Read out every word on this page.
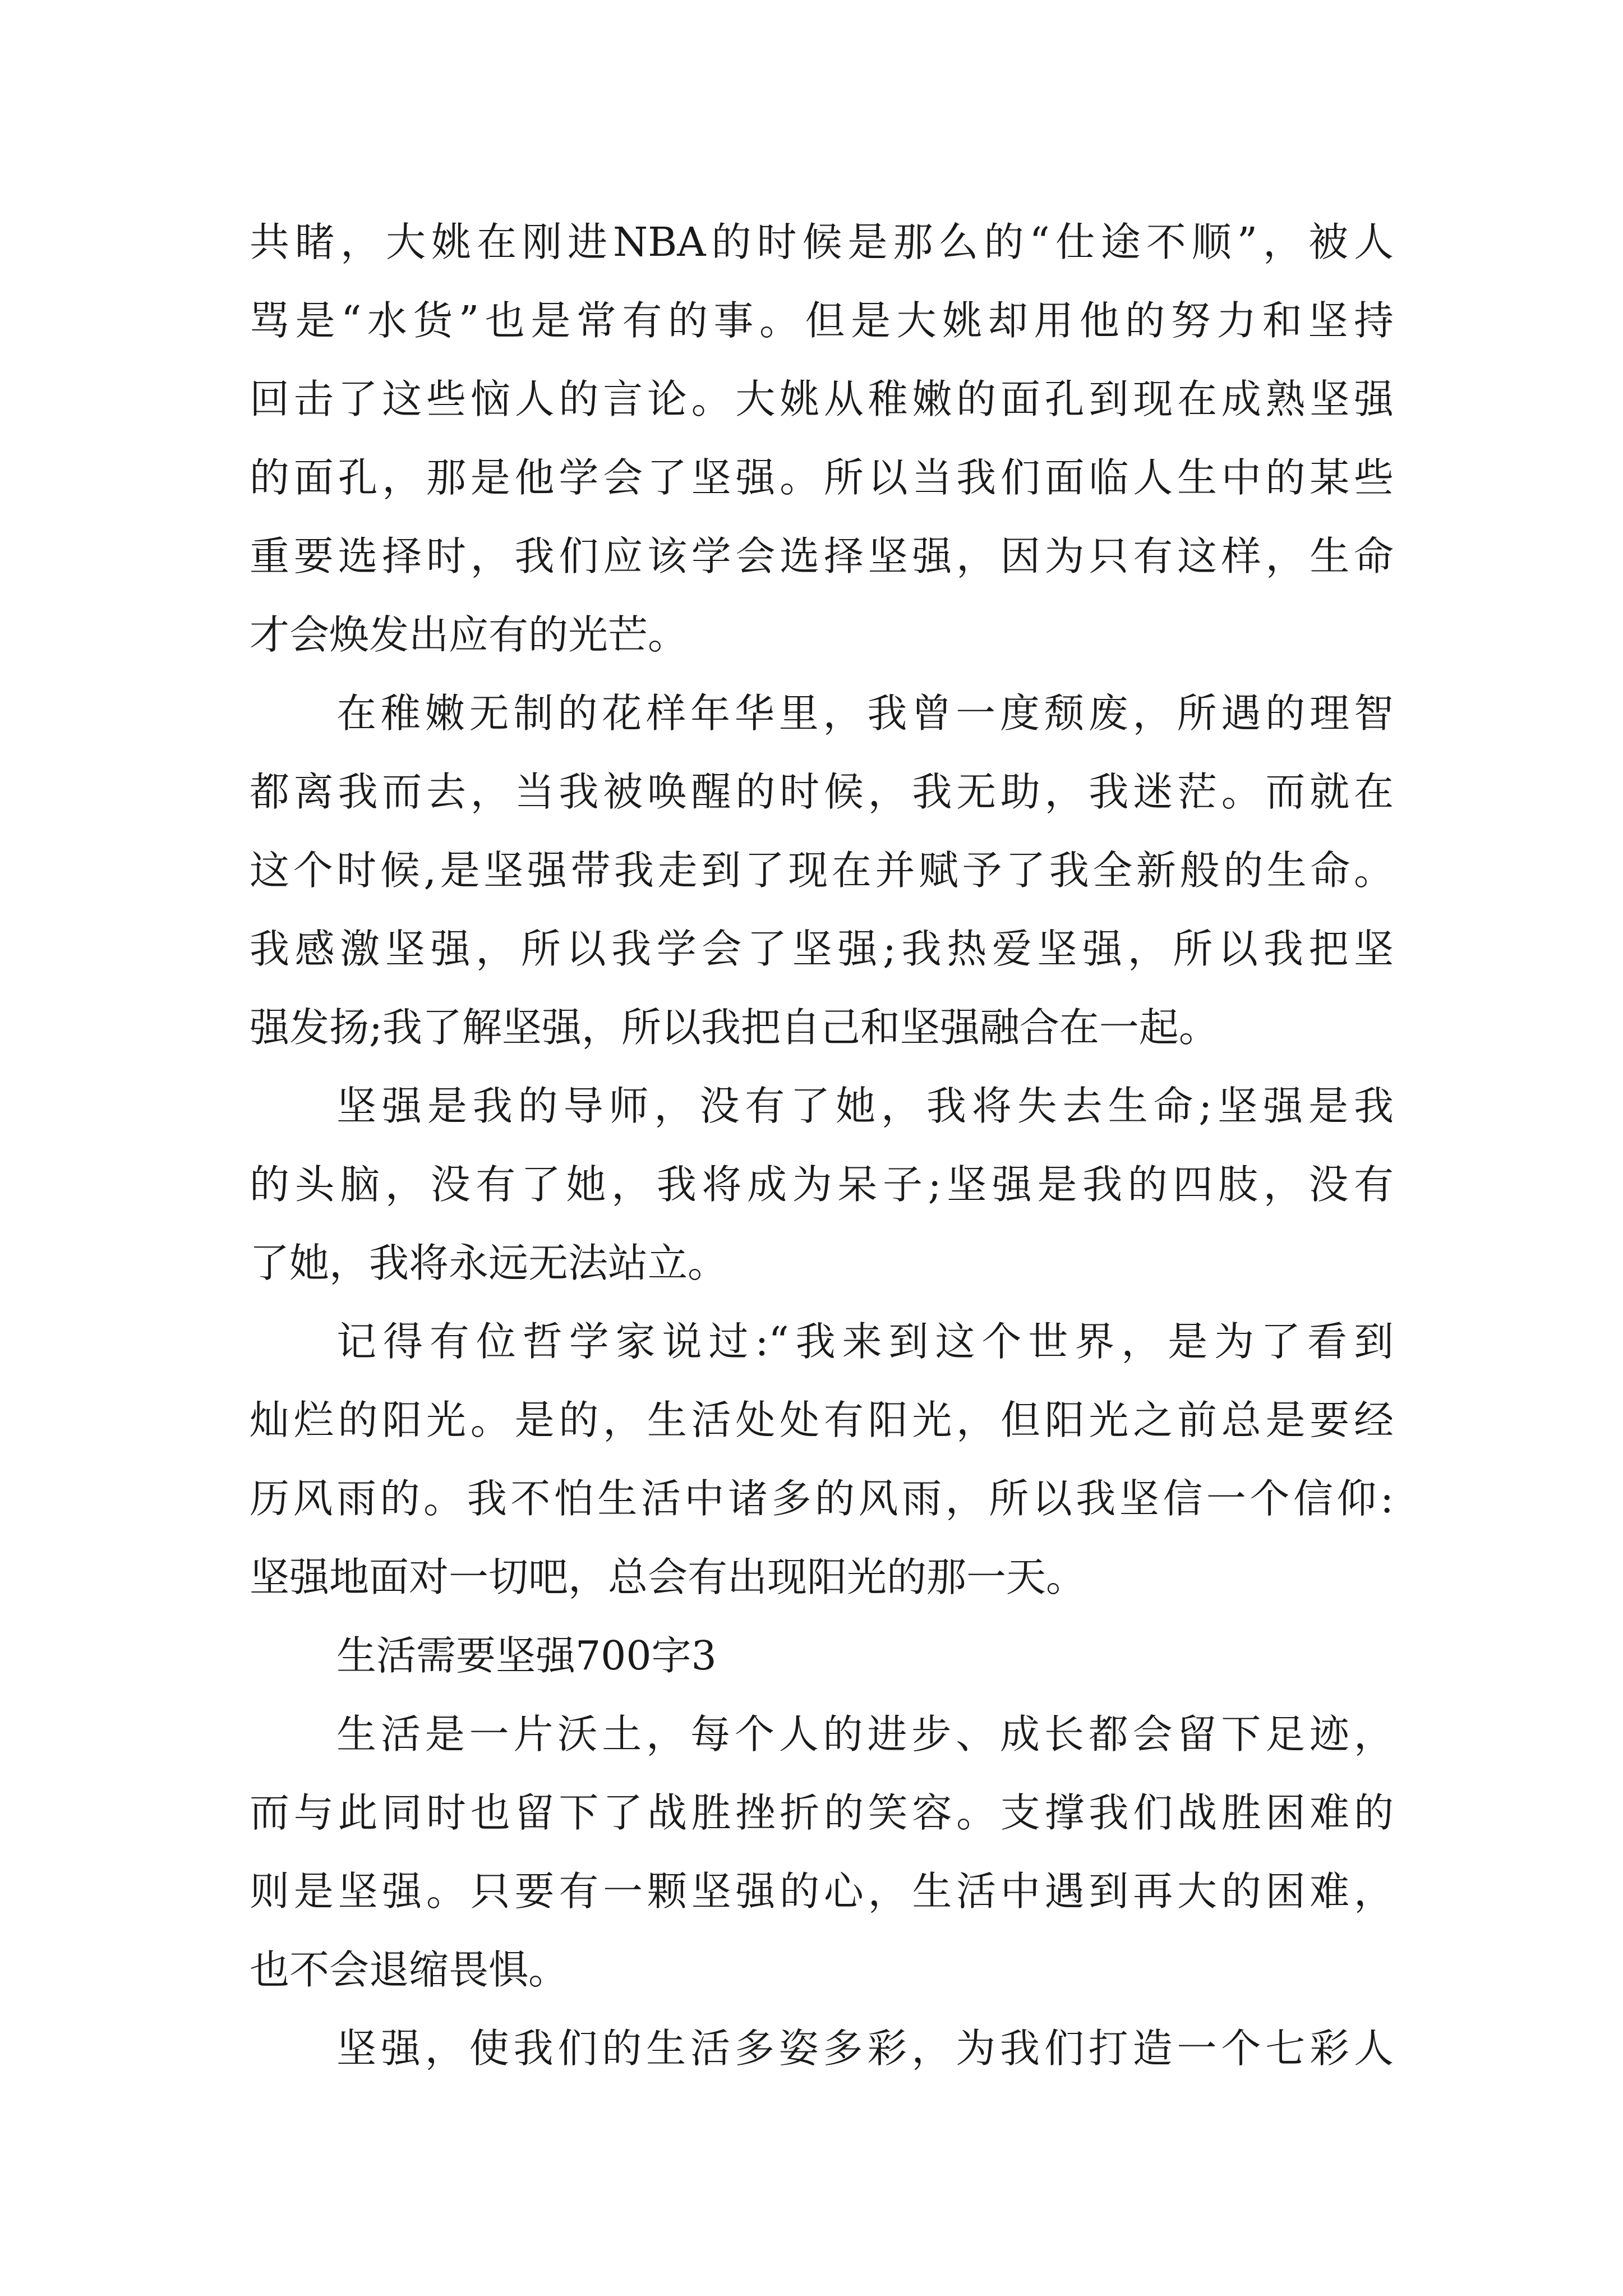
共睹，大姚在刚进NBA的时候是那么的“仕途不顺”，被人
骂是“水货”也是常有的事。但是大姚却用他的努力和坚持
回击了这些恼人的言论。大姚从稚嫩的面孔到现在成熟坚强
的面孔，那是他学会了坚强。所以当我们面临人生中的某些
重要选择时，我们应该学会选择坚强，因为只有这样，生命
才会焕发出应有的光芒。
在稚嫩无制的花样年华里，我曾一度颓废，所遇的理智
都离我而去，当我被唤醒的时候，我无助，我迷茫。而就在
这个时候,是坚强带我走到了现在并赋予了我全新般的生命。
我感激坚强，所以我学会了坚强;我热爱坚强，所以我把坚
强发扬;我了解坚强，所以我把自己和坚强融合在一起。
坚强是我的导师，没有了她，我将失去生命;坚强是我
的头脑，没有了她，我将成为呆子;坚强是我的四肢，没有
了她，我将永远无法站立。
记得有位哲学家说过:“我来到这个世界，是为了看到
灿烂的阳光。是的，生活处处有阳光，但阳光之前总是要经
历风雨的。我不怕生活中诸多的风雨，所以我坚信一个信仰:
坚强地面对一切吧，总会有出现阳光的那一天。
生活需要坚强700字3
生活是一片沃土，每个人的进步、成长都会留下足迹，
而与此同时也留下了战胜挫折的笑容。支撑我们战胜困难的
则是坚强。只要有一颗坚强的心，生活中遇到再大的困难，
也不会退缩畏惧。
坚强，使我们的生活多姿多彩，为我们打造一个七彩人
